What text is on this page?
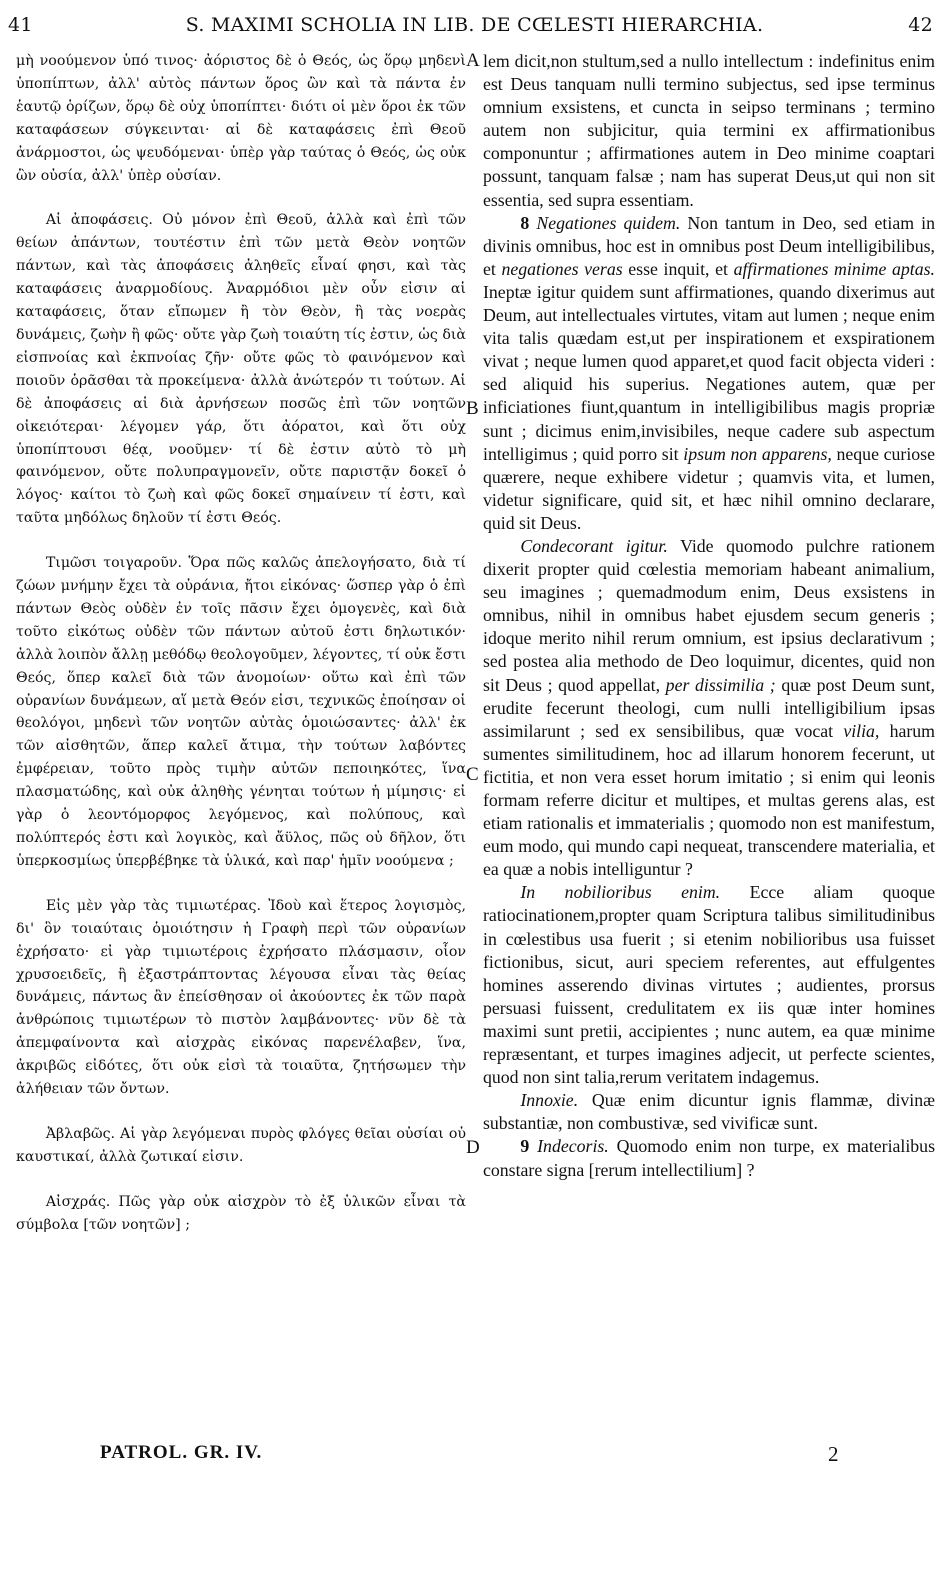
41	S. MAXIMI SCHOLIA IN LIB. DE CŒLESTI HIERARCHIA.	42

μὴ νοούμενον ὑπό τινος· ἀόριστος δὲ ὁ Θεός, ὡς ὅρῳ μηδενὶ ὑποπίπτων, ἀλλ' αὐτὸς πάντων ὅρος ὢν καὶ τὰ πάντα ἐν ἑαυτῷ ὁρίζων, ὅρῳ δὲ οὐχ ὑποπίπτει· διότι οἱ μὲν ὅροι ἐκ τῶν καταφάσεων σύγκεινται· αἱ δὲ καταφάσεις ἐπὶ Θεοῦ ἀνάρμοστοι, ὡς ψευδόμεναι· ὑπὲρ γὰρ ταύτας ὁ Θεός, ὡς οὐκ ὢν οὐσία, ἀλλ' ὑπὲρ οὐσίαν.

Αἱ ἀποφάσεις. Οὐ μόνον ἐπὶ Θεοῦ, ἀλλὰ καὶ ἐπὶ τῶν θείων ἁπάντων, τουτέστιν ἐπὶ τῶν μετὰ Θεὸν νοητῶν πάντων, καὶ τὰς ἀποφάσεις ἀληθεῖς εἶναί φησι, καὶ τὰς καταφάσεις ἀναρμοδίους. Ἀναρμόδιοι μὲν οὖν εἰσιν αἱ καταφάσεις, ὅταν εἴπωμεν ἢ τὸν Θεὸν, ἢ τὰς νοερὰς δυνάμεις, ζωὴν ἢ φῶς· οὔτε γὰρ ζωὴ τοιαύτη τίς ἐστιν, ὡς διὰ εἰσπνοίας καὶ ἐκπνοίας ζῆν· οὔτε φῶς τὸ φαινόμενον καὶ ποιοῦν ὁρᾶσθαι τὰ προκείμενα· ἀλλὰ ἀνώτερόν τι τούτων. Αἱ δὲ ἀποφάσεις αἱ διὰ ἀρνήσεων ποσῶς ἐπὶ τῶν νοητῶν οἰκειότεραι· λέγομεν γάρ, ὅτι ἀόρατοι, καὶ ὅτι οὐχ ὑποπίπτουσι θέᾳ, νοοῦμεν· τί δὲ ἐστιν αὐτὸ τὸ μὴ φαινόμενον, οὔτε πολυπραγμονεῖν, οὔτε παριστᾷν δοκεῖ ὁ λόγος· καίτοι τὸ ζωὴ καὶ φῶς δοκεῖ σημαίνειν τί ἐστι, καὶ ταῦτα μηδόλως δηλοῦν τί ἐστι Θεός.

Τιμῶσι τοιγαροῦν. Ὅρα πῶς καλῶς ἀπελογήσατο, διὰ τί ζώων μνήμην ἔχει τὰ οὐράνια, ἤτοι εἰκόνας· ὥσπερ γὰρ ὁ ἐπὶ πάντων Θεὸς οὐδὲν ἐν τοῖς πᾶσιν ἔχει ὁμογενὲς, καὶ διὰ τοῦτο εἰκότως οὐδὲν τῶν πάντων αὐτοῦ ἐστι δηλωτικόν· ἀλλὰ λοιπὸν ἄλλῃ μεθόδῳ θεολογοῦμεν, λέγοντες, τί οὐκ ἔστι Θεός, ὅπερ καλεῖ διὰ τῶν ἀνομοίων· οὕτω καὶ ἐπὶ τῶν οὐρανίων δυνάμεων, αἵ μετὰ Θεόν εἰσι, τεχνικῶς ἐποίησαν οἱ θεολόγοι, μηδενὶ τῶν νοητῶν αὐτὰς ὁμοιώσαντες· ἀλλ' ἐκ τῶν αἰσθητῶν, ἅπερ καλεῖ ἄτιμα, τὴν τούτων λαβόντες ἐμφέρειαν, τοῦτο πρὸς τιμὴν αὐτῶν πεποιηκότες, ἵνα πλασματώδης, καὶ οὐκ ἀληθὴς γένηται τούτων ἡ μίμησις· εἰ γὰρ ὁ λεοντόμορφος λεγόμενος, καὶ πολύπους, καὶ πολύπτερός ἐστι καὶ λογικὸς, καὶ ἄϋλος, πῶς οὐ δῆλον, ὅτι ὑπερκοσμίως ὑπερβέβηκε τὰ ὑλικά, καὶ παρ' ἡμῖν νοούμενα ;

Εἰς μὲν γὰρ τὰς τιμιωτέρας. Ἰδοὺ καὶ ἕτερος λογισμὸς, δι' ὃν τοιαύταις ὁμοιότησιν ἡ Γραφὴ περὶ τῶν οὐρανίων ἐχρήσατο· εἰ γὰρ τιμιωτέροις ἐχρήσατο πλάσμασιν, οἷον χρυσοειδεῖς, ἢ ἐξαστράπτοντας λέγουσα εἶναι τὰς θείας δυνάμεις, πάντως ἂν ἐπείσθησαν οἱ ἀκούοντες ἐκ τῶν παρὰ ἀνθρώποις τιμιωτέρων τὸ πιστὸν λαμβάνοντες· νῦν δὲ τὰ ἀπεμφαίνοντα καὶ αἰσχρὰς εἰκόνας παρενέλαβεν, ἵνα, ἀκριβῶς εἰδότες, ὅτι οὐκ εἰσὶ τὰ τοιαῦτα, ζητήσωμεν τὴν ἀλήθειαν τῶν ὄντων.

Ἀβλαβῶς. Αἱ γὰρ λεγόμεναι πυρὸς φλόγες θεῖαι οὐσίαι οὐ καυστικαί, ἀλλὰ ζωτικαί εἰσιν.

Αἰσχράς. Πῶς γὰρ οὐκ αἰσχρὸν τὸ ἐξ ὑλικῶν εἶναι τὰ σύμβολα [τῶν νοητῶν] ;

A
B
C
D

lem dicit,non stultum,sed a nullo intellectum : indefinitus enim est Deus tanquam nulli termino subjectus, sed ipse terminus omnium exsistens, et cuncta in seipso terminans ; termino autem non subjicitur, quia termini ex affirmationibus componuntur ; affirmationes autem in Deo minime coaptari possunt, tanquam falsæ ; nam has superat Deus,ut qui non sit essentia, sed supra essentiam.

8 Negationes quidem. Non tantum in Deo, sed etiam in divinis omnibus, hoc est in omnibus post Deum intelligibilibus, et negationes veras esse inquit, et affirmationes minime aptas. Ineptæ igitur quidem sunt affirmationes, quando dixerimus aut Deum, aut intellectuales virtutes, vitam aut lumen ; neque enim vita talis quædam est,ut per inspirationem et exspirationem vivat ; neque lumen quod apparet,et quod facit objecta videri : sed aliquid his superius. Negationes autem, quæ per inficiationes fiunt,quantum in intelligibilibus magis propriæ sunt ; dicimus enim,invisibiles, neque cadere sub aspectum intelligimus ; quid porro sit ipsum non apparens, neque curiose quærere, neque exhibere videtur ; quamvis vita, et lumen, videtur significare, quid sit, et hæc nihil omnino declarare, quid sit Deus.

Condecorant igitur. Vide quomodo pulchre rationem dixerit propter quid cœlestia memoriam habeant animalium, seu imagines ; quemadmodum enim, Deus exsistens in omnibus, nihil in omnibus habet ejusdem secum generis ; idoque merito nihil rerum omnium, est ipsius declarativum ; sed postea alia methodo de Deo loquimur, dicentes, quid non sit Deus ; quod appellat, per dissimilia ; quæ post Deum sunt, erudite fecerunt theologi, cum nulli intelligibilium ipsas assimilarunt ; sed ex sensibilibus, quæ vocat vilia, harum sumentes similitudinem, hoc ad illarum honorem fecerunt, ut fictitia, et non vera esset horum imitatio ; si enim qui leonis formam referre dicitur et multipes, et multas gerens alas, est etiam rationalis et immaterialis ; quomodo non est manifestum, eum modo, qui mundo capi nequeat, transcendere materialia, et ea quæ a nobis intelliguntur ?

In nobilioribus enim. Ecce aliam quoque ratiocinationem,propter quam Scriptura talibus similitudinibus in cœlestibus usa fuerit ; si etenim nobilioribus usa fuisset fictionibus, sicut, auri speciem referentes, aut effulgentes homines asserendo divinas virtutes ; audientes, prorsus persuasi fuissent, credulitatem ex iis quæ inter homines maximi sunt pretii, accipientes ; nunc autem, ea quæ minime repræsentant, et turpes imagines adjecit, ut perfecte scientes, quod non sint talia,rerum veritatem indagemus.

Innoxie. Quæ enim dicuntur ignis flammæ, divinæ substantiæ, non combustivæ, sed vivificæ sunt.

9 Indecoris. Quomodo enim non turpe, ex materialibus constare signa [rerum intellectilium] ?

PATROL. GR. IV.	2
